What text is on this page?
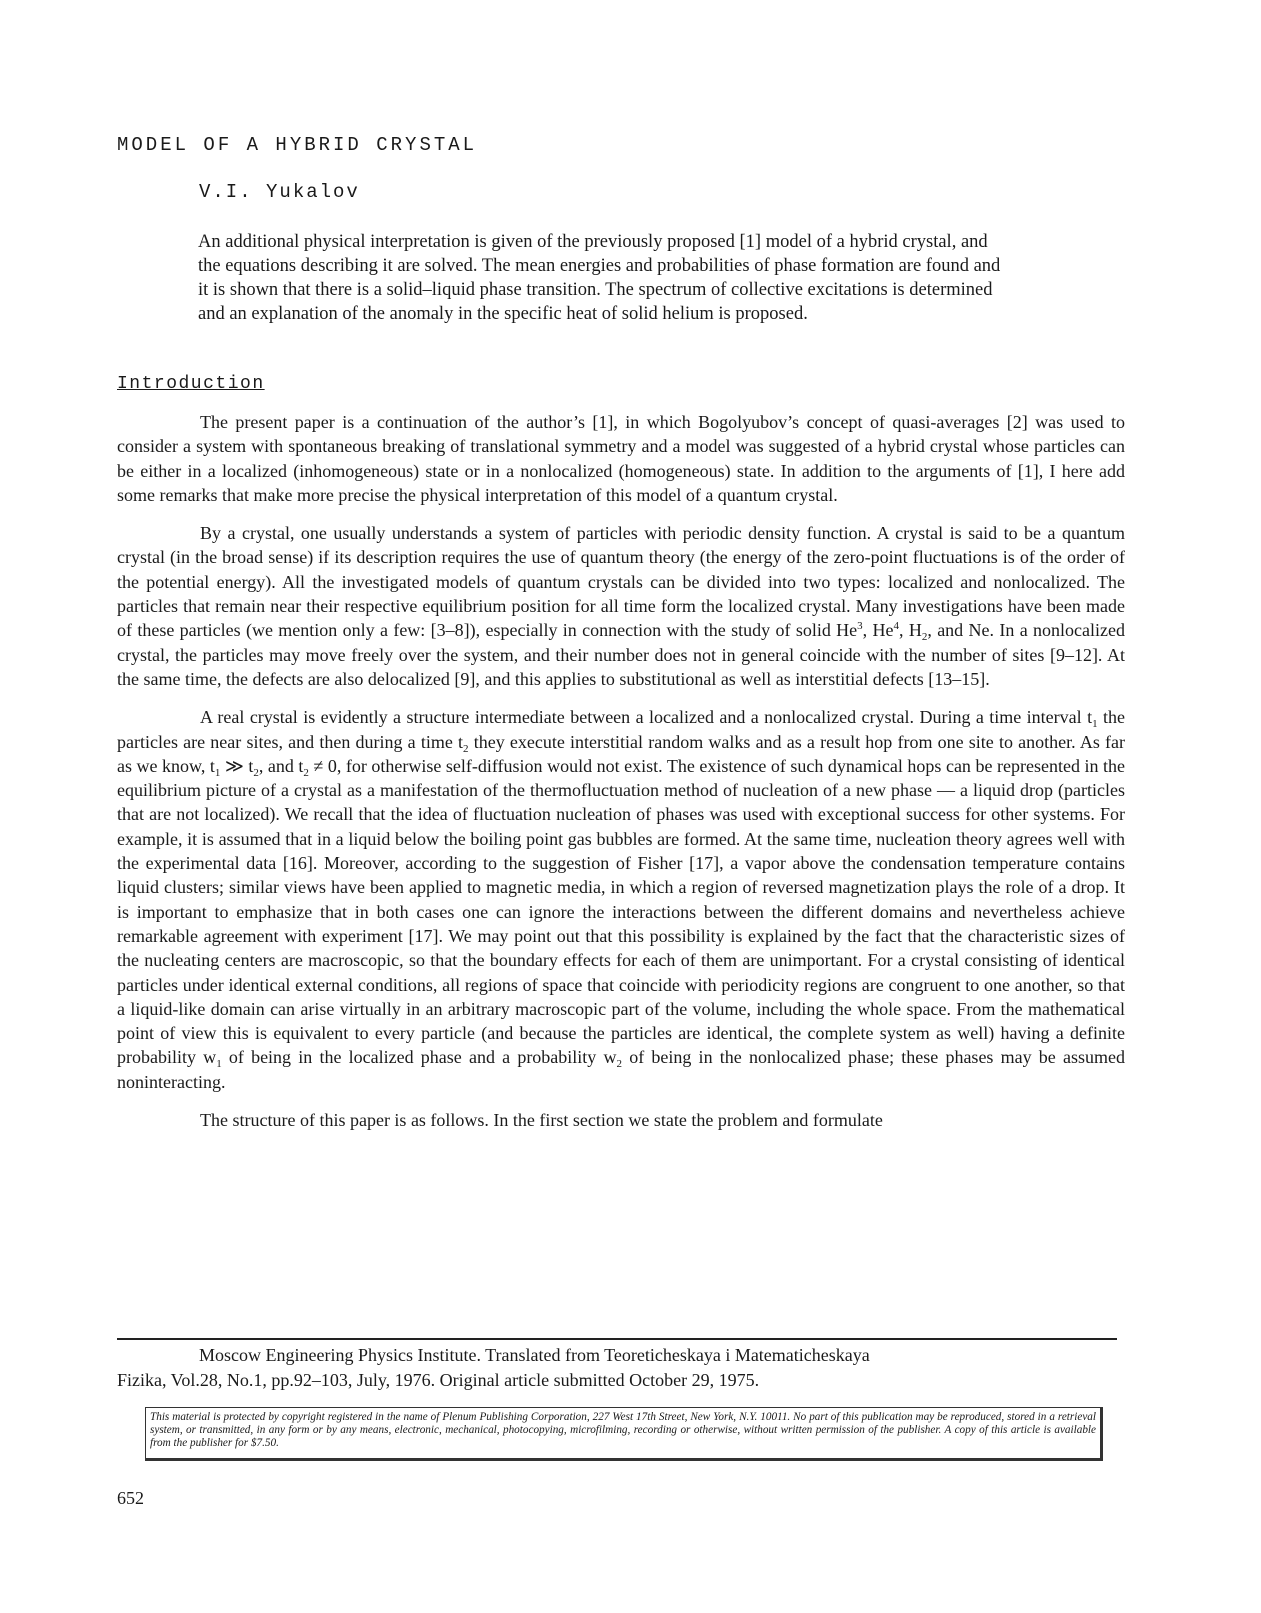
MODEL OF A HYBRID CRYSTAL
V.I. Yukalov

An additional physical interpretation is given of the previously proposed [1] model of a hybrid crystal, and the equations describing it are solved. The mean energies and probabilities of phase formation are found and it is shown that there is a solid–liquid phase transition. The spectrum of collective excitations is determined and an explanation of the anomaly in the specific heat of solid helium is proposed.

Introduction

The present paper is a continuation of the author’s [1], in which Bogolyubov’s concept of quasi-averages [2] was used to consider a system with spontaneous breaking of translational symmetry and a model was suggested of a hybrid crystal whose particles can be either in a localized (inhomogeneous) state or in a nonlocalized (homogeneous) state. In addition to the arguments of [1], I here add some remarks that make more precise the physical interpretation of this model of a quantum crystal.

By a crystal, one usually understands a system of particles with periodic density function. A crystal is said to be a quantum crystal (in the broad sense) if its description requires the use of quantum theory (the energy of the zero-point fluctuations is of the order of the potential energy). All the investigated models of quantum crystals can be divided into two types: localized and nonlocalized. The particles that remain near their respective equilibrium position for all time form the localized crystal. Many investigations have been made of these particles (we mention only a few: [3–8]), especially in connection with the study of solid He$^3$, He$^4$, $H_2$, and Ne. In a nonlocalized crystal, the particles may move freely over the system, and their number does not in general coincide with the number of sites [9–12]. At the same time, the defects are also delocalized [9], and this applies to substitutional as well as interstitial defects [13–15].

A real crystal is evidently a structure intermediate between a localized and a nonlocalized crystal. During a time interval $t_1$ the particles are near sites, and then during a time $t_2$ they execute interstitial random walks and as a result hop from one site to another. As far as we know, $t_1$ ≫ $t_2$, and $t_2 \ne 0$, for otherwise self-diffusion would not exist. The existence of such dynamical hops can be represented in the equilibrium picture of a crystal as a manifestation of the thermofluctuation method of nucleation of a new phase — a liquid drop (particles that are not localized). We recall that the idea of fluctuation nucleation of phases was used with exceptional success for other systems. For example, it is assumed that in a liquid below the boiling point gas bubbles are formed. At the same time, nucleation theory agrees well with the experimental data [16]. Moreover, according to the suggestion of Fisher [17], a vapor above the condensation temperature contains liquid clusters; similar views have been applied to magnetic media, in which a region of reversed magnetization plays the role of a drop. It is important to emphasize that in both cases one can ignore the interactions between the different domains and nevertheless achieve remarkable agreement with experiment [17]. We may point out that this possibility is explained by the fact that the characteristic sizes of the nucleating centers are macroscopic, so that the boundary effects for each of them are unimportant. For a crystal consisting of identical particles under identical external conditions, all regions of space that coincide with periodicity regions are congruent to one another, so that a liquid-like domain can arise virtually in an arbitrary macroscopic part of the volume, including the whole space. From the mathematical point of view this is equivalent to every particle (and because the particles are identical, the complete system as well) having a definite probability $w_1$ of being in the localized phase and a probability $w_2$ of being in the nonlocalized phase; these phases may be assumed noninteracting.

The structure of this paper is as follows. In the first section we state the problem and formulate

Moscow Engineering Physics Institute. Translated from Teoreticheskaya i Matematicheskaya
Fizika, Vol.28, No.1, pp.92–103, July, 1976. Original article submitted October 29, 1975.

This material is protected by copyright registered in the name of Plenum Publishing Corporation, 227 West 17th Street, New York, N.Y. 10011. No part of this publication may be reproduced, stored in a retrieval system, or transmitted, in any form or by any means, electronic, mechanical, photocopying, microfilming, recording or otherwise, without written permission of the publisher. A copy of this article is available from the publisher for $7.50.
652
